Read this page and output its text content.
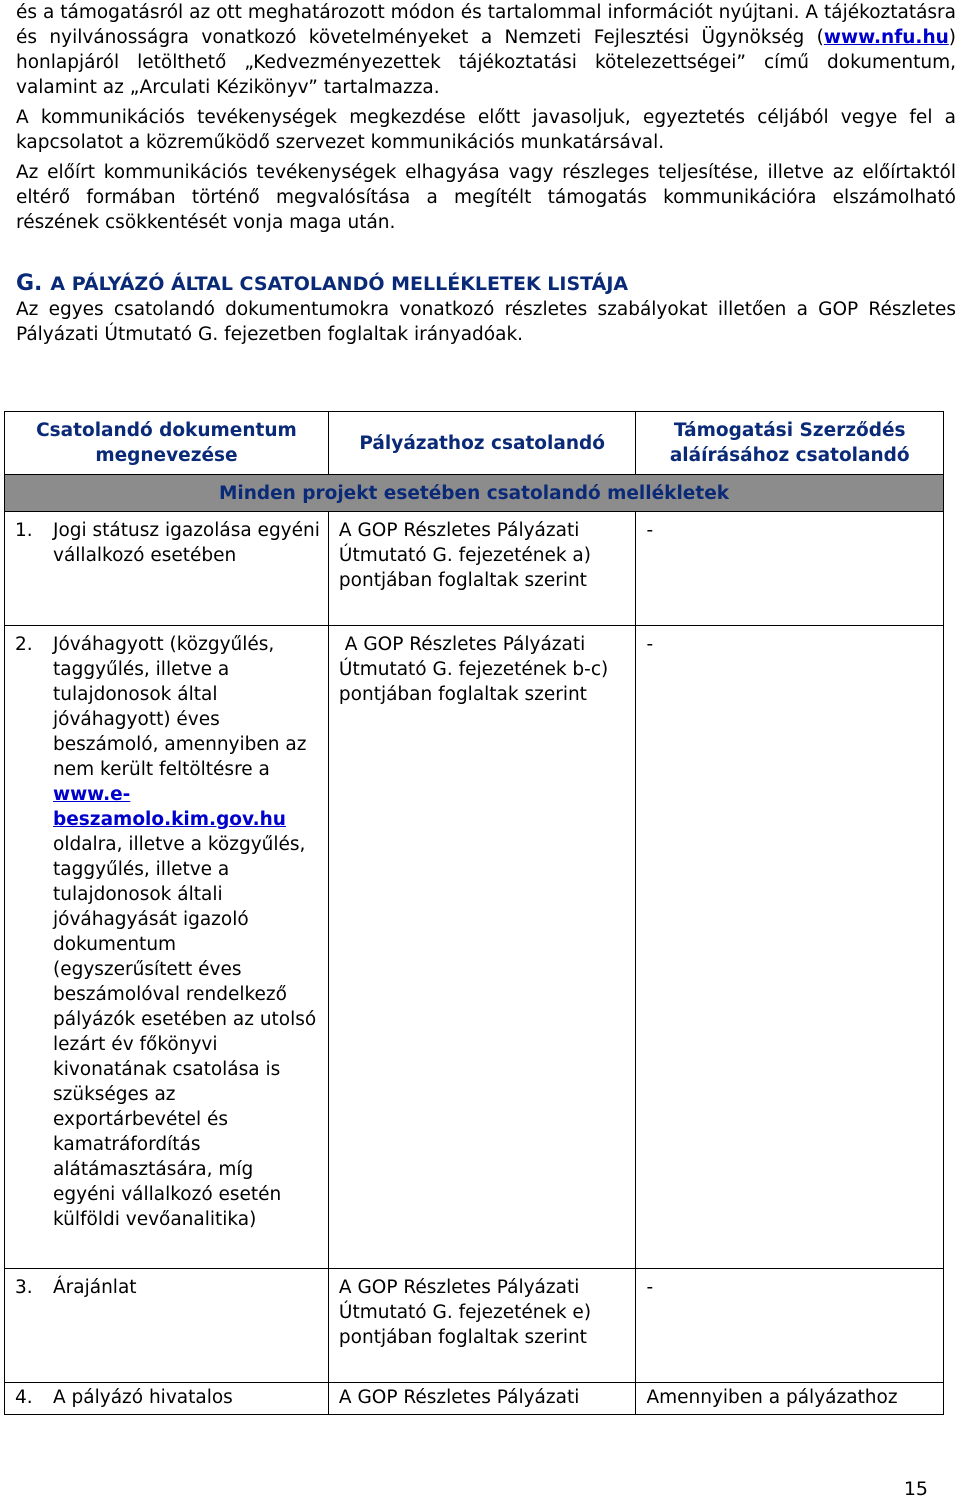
és a támogatásról az ott meghatározott módon és tartalommal információt nyújtani. A tájékoztatásra és nyilvánosságra vonatkozó követelményeket a Nemzeti Fejlesztési Ügynökség (www.nfu.hu) honlapjáról letölthető „Kedvezményezettek tájékoztatási kötelezettségei” című dokumentum, valamint az „Arculati Kézikönyv” tartalmazza.

A kommunikációs tevékenységek megkezdése előtt javasoljuk, egyeztetés céljából vegye fel a kapcsolatot a közreműködő szervezet kommunikációs munkatársával.

Az előírt kommunikációs tevékenységek elhagyása vagy részleges teljesítése, illetve az előírtaktól eltérő formában történő megvalósítása a megítélt támogatás kommunikációra elszámolható részének csökkentését vonja maga után.

G. A PÁLYÁZÓ ÁLTAL CSATOLANDÓ MELLÉKLETEK LISTÁJA

Az egyes csatolandó dokumentumokra vonatkozó részletes szabályokat illetően a GOP Részletes Pályázati Útmutató G. fejezetben foglaltak irányadóak.

Csatolandó dokumentum megnevezése	Pályázathoz csatolandó	Támogatási Szerződés aláírásához csatolandó
Minden projekt esetében csatolandó mellékletek		

1. Jogi státusz igazolása egyéni vállalkozó esetében	A GOP Részletes Pályázati Útmutató G. fejezetének a) pontjában foglaltak szerint	-

2. Jóváhagyott (közgyűlés, taggyűlés, illetve a tulajdonosok által jóváhagyott) éves beszámoló, amennyiben az nem került feltöltésre a www.e-beszamolo.kim.gov.hu oldalra, illetve a közgyűlés, taggyűlés, illetve a tulajdonosok általi jóváhagyását igazoló dokumentum (egyszerűsített éves beszámolóval rendelkező pályázók esetében az utolsó lezárt év főkönyvi kivonatának csatolása is szükséges az exportárbevétel és kamatráfordítás alátámasztására, míg egyéni vállalkozó esetén külföldi vevőanalitika)	A GOP Részletes Pályázati Útmutató G. fejezetének b-c) pontjában foglaltak szerint	-

3. Árajánlat	A GOP Részletes Pályázati Útmutató G. fejezetének e) pontjában foglaltak szerint	-

4. A pályázó hivatalos	A GOP Részletes Pályázati	Amennyiben a pályázathoz
15
